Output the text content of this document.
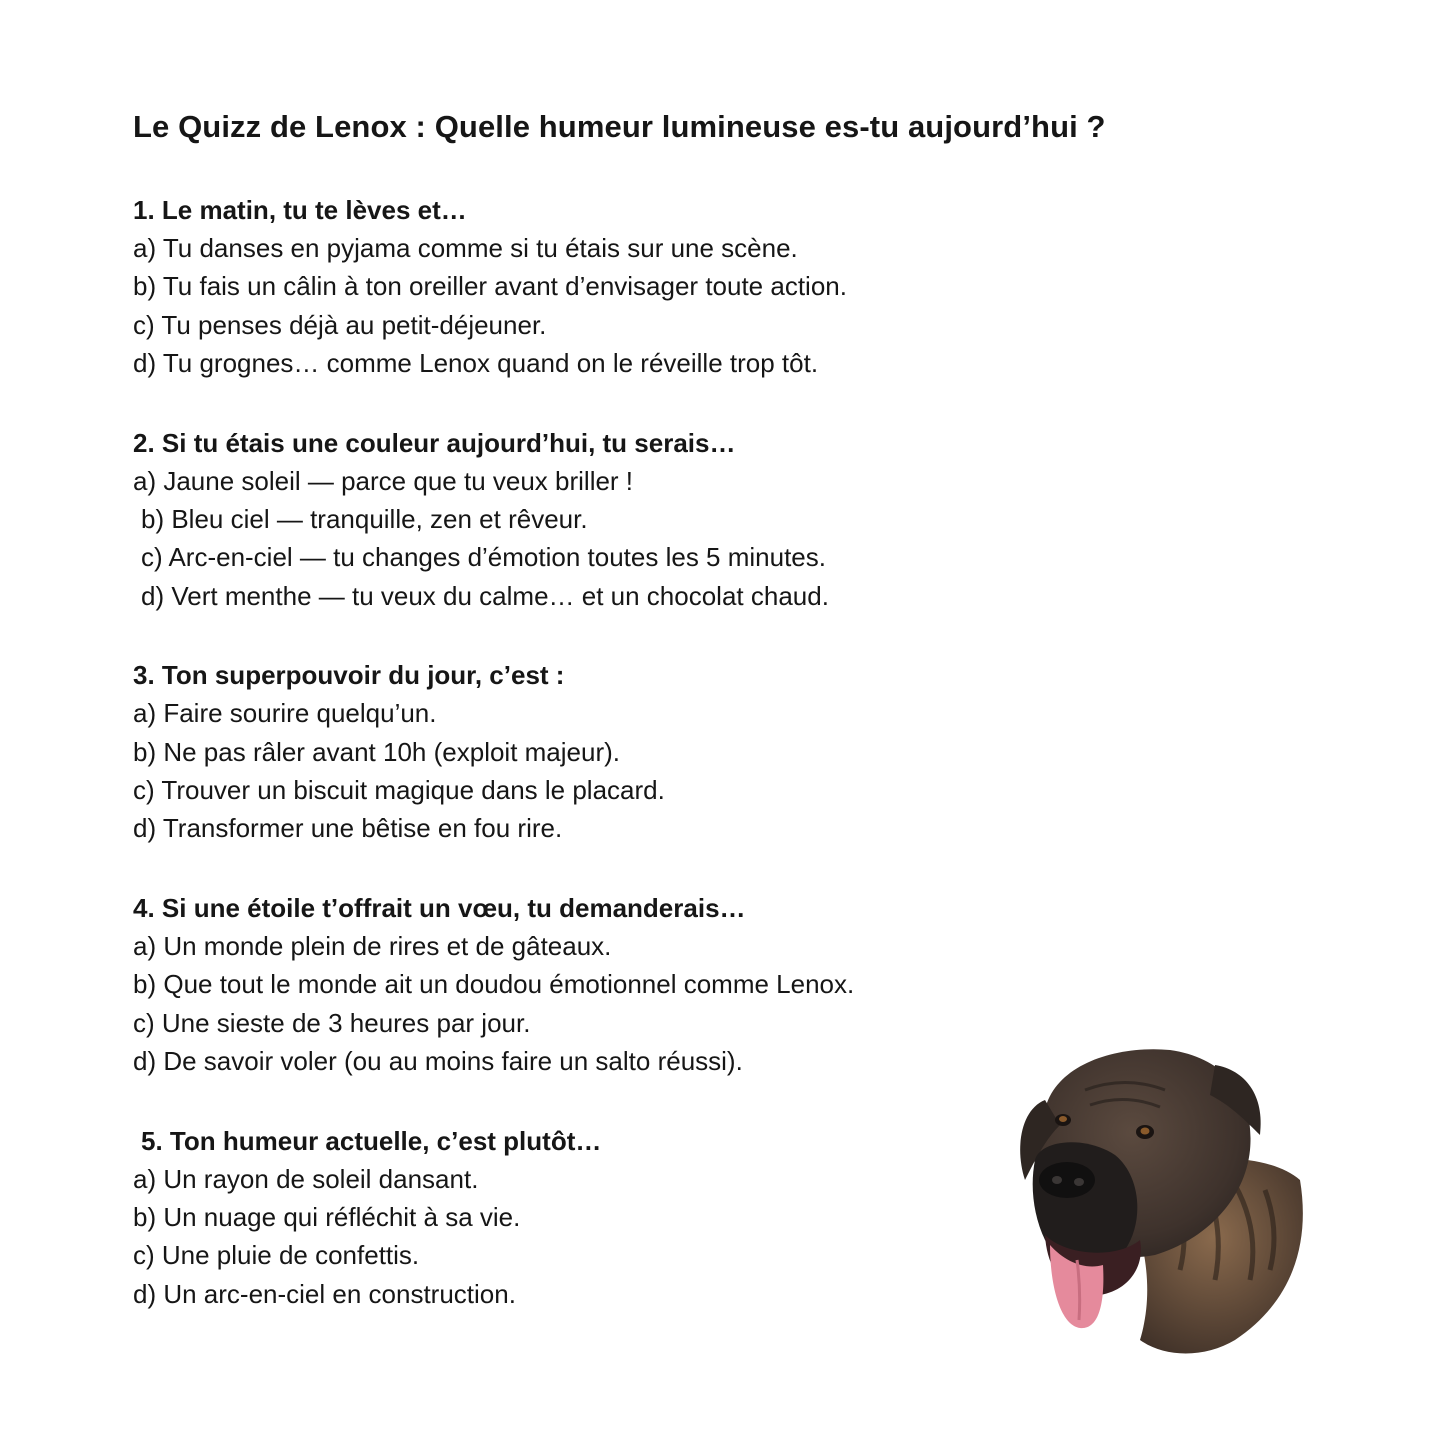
Le Quizz de Lenox : Quelle humeur lumineuse es-tu aujourd’hui ?

1. Le matin, tu te lèves et…

a) Tu danses en pyjama comme si tu étais sur une scène.

b) Tu fais un câlin à ton oreiller avant d’envisager toute action.

c) Tu penses déjà au petit-déjeuner.

d) Tu grognes… comme Lenox quand on le réveille trop tôt.

2. Si tu étais une couleur aujourd’hui, tu serais…

a) Jaune soleil — parce que tu veux briller !

b) Bleu ciel — tranquille, zen et rêveur.

c) Arc-en-ciel — tu changes d’émotion toutes les 5 minutes.

d) Vert menthe — tu veux du calme… et un chocolat chaud.

3. Ton superpouvoir du jour, c’est :

a) Faire sourire quelqu’un.

b) Ne pas râler avant 10h (exploit majeur).

c) Trouver un biscuit magique dans le placard.

d) Transformer une bêtise en fou rire.

4. Si une étoile t’offrait un vœu, tu demanderais…

a) Un monde plein de rires et de gâteaux.

b) Que tout le monde ait un doudou émotionnel comme Lenox.

c) Une sieste de 3 heures par jour.

d) De savoir voler (ou au moins faire un salto réussi).

5. Ton humeur actuelle, c’est plutôt…

a) Un rayon de soleil dansant.

b) Un nuage qui réfléchit à sa vie.

c) Une pluie de confettis.

d) Un arc-en-ciel en construction.
